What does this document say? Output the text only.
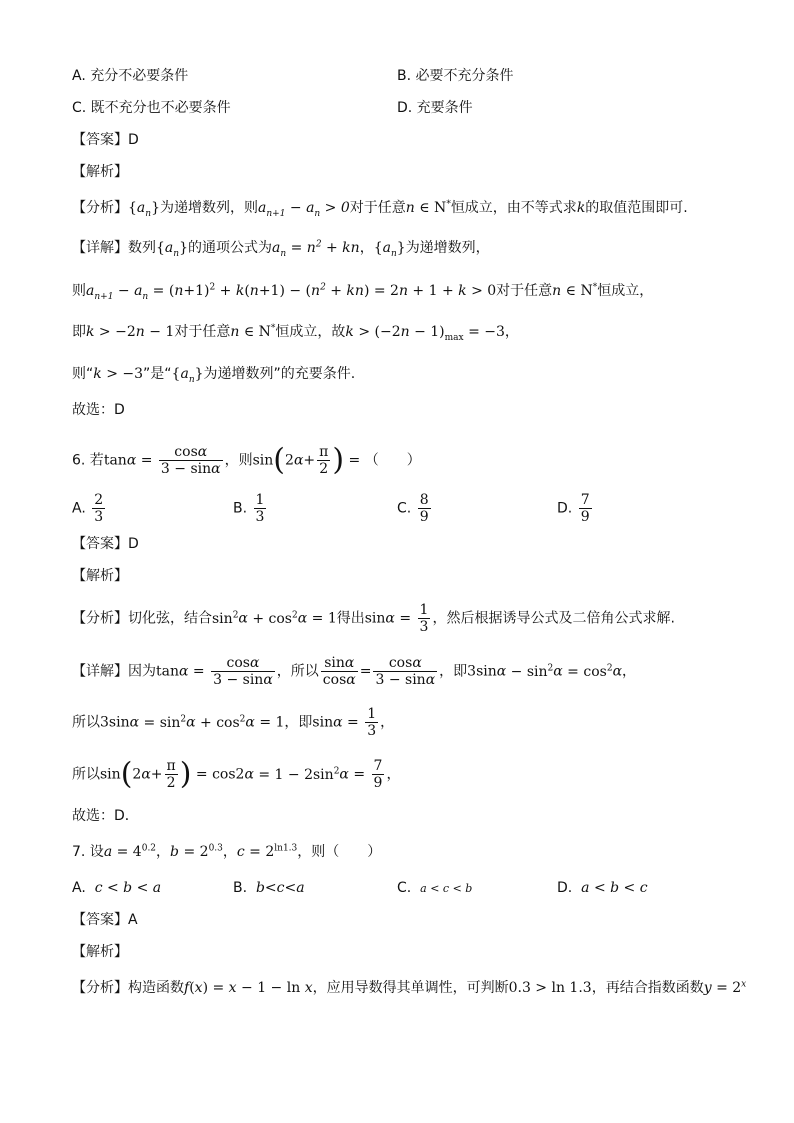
A. 充分不必要条件	B. 必要不充分条件
C. 既不充分也不必要条件	D. 充要条件
【答案】D
【解析】
【分析】$\{a_n\}$为递增数列，则$a_{n+1} - a_n > 0$对于任意n ∈ N*恒成立，由不等式求k的取值范围即可.
【详解】数列$\{a_n\}$的通项公式为$a_n = n^2$ + kn，$\{a_n\}$为递增数列，
则$a_{n+1} - a_n = (n+1)^2 + k(n+1) - (n^2 + kn) = 2n + 1 + k > 0$对于任意n ∈ N*恒成立，
即k > −2n − 1对于任意n ∈ N*恒成立，故$k > (-2n - 1)_{max} = -3$，
则“k > −3”是“$\{a_n\}$为递增数列”的充要条件.
故选：D
6. 若$\tan\alpha = \frac{\cos\alpha}{3 - \sin\alpha}$ ，则$\sin(2\alpha+ \frac{\pi}{2}$ ) = （　　）
A. $\frac{2}{3}$	B. $\frac{1}{3}$	C. $\frac{8}{9}$	D. $\frac{7}{9}$
【答案】D
【解析】
【分析】切化弦，结合$\sin^2\alpha + \cos^2\alpha = 1$得出$\sin\alpha = \frac{1}{3}$ ，然后根据诱导公式及二倍角公式求解.
【详解】因为$\tan\alpha = \frac{\cos\alpha}{3 - \sin\alpha}$ ，所以 $\frac{\sin\alpha}{\cos\alpha} = \frac{\cos\alpha}{3 - \sin\alpha}$ ，即$3\sin\alpha - \sin^2\alpha = \cos^2\alpha$，
所以$3\sin\alpha = \sin^2\alpha + \cos^2\alpha = 1$，即$\sin\alpha = \frac{1}{3}$ ，
所以$\sin(2\alpha+ \frac{\pi}{2}$ ) = $\cos 2\alpha = 1 - 2\sin^2\alpha = \frac{7}{9}$ ，
故选：D．
7. 设$a = 4^{0.2}$，$b = 2^{0.3}$，$c = 2^{ln1.3}$，则（　　）
A. c < b < a	B. b<c<a	C. a < c < b	D. a < b < c
【答案】A
【解析】
【分析】构造函数f(x) = x − 1 − ln x，应用导数得其单调性，可判断0.3 > ln 1.3，再结合指数函数$y = 2^x$
